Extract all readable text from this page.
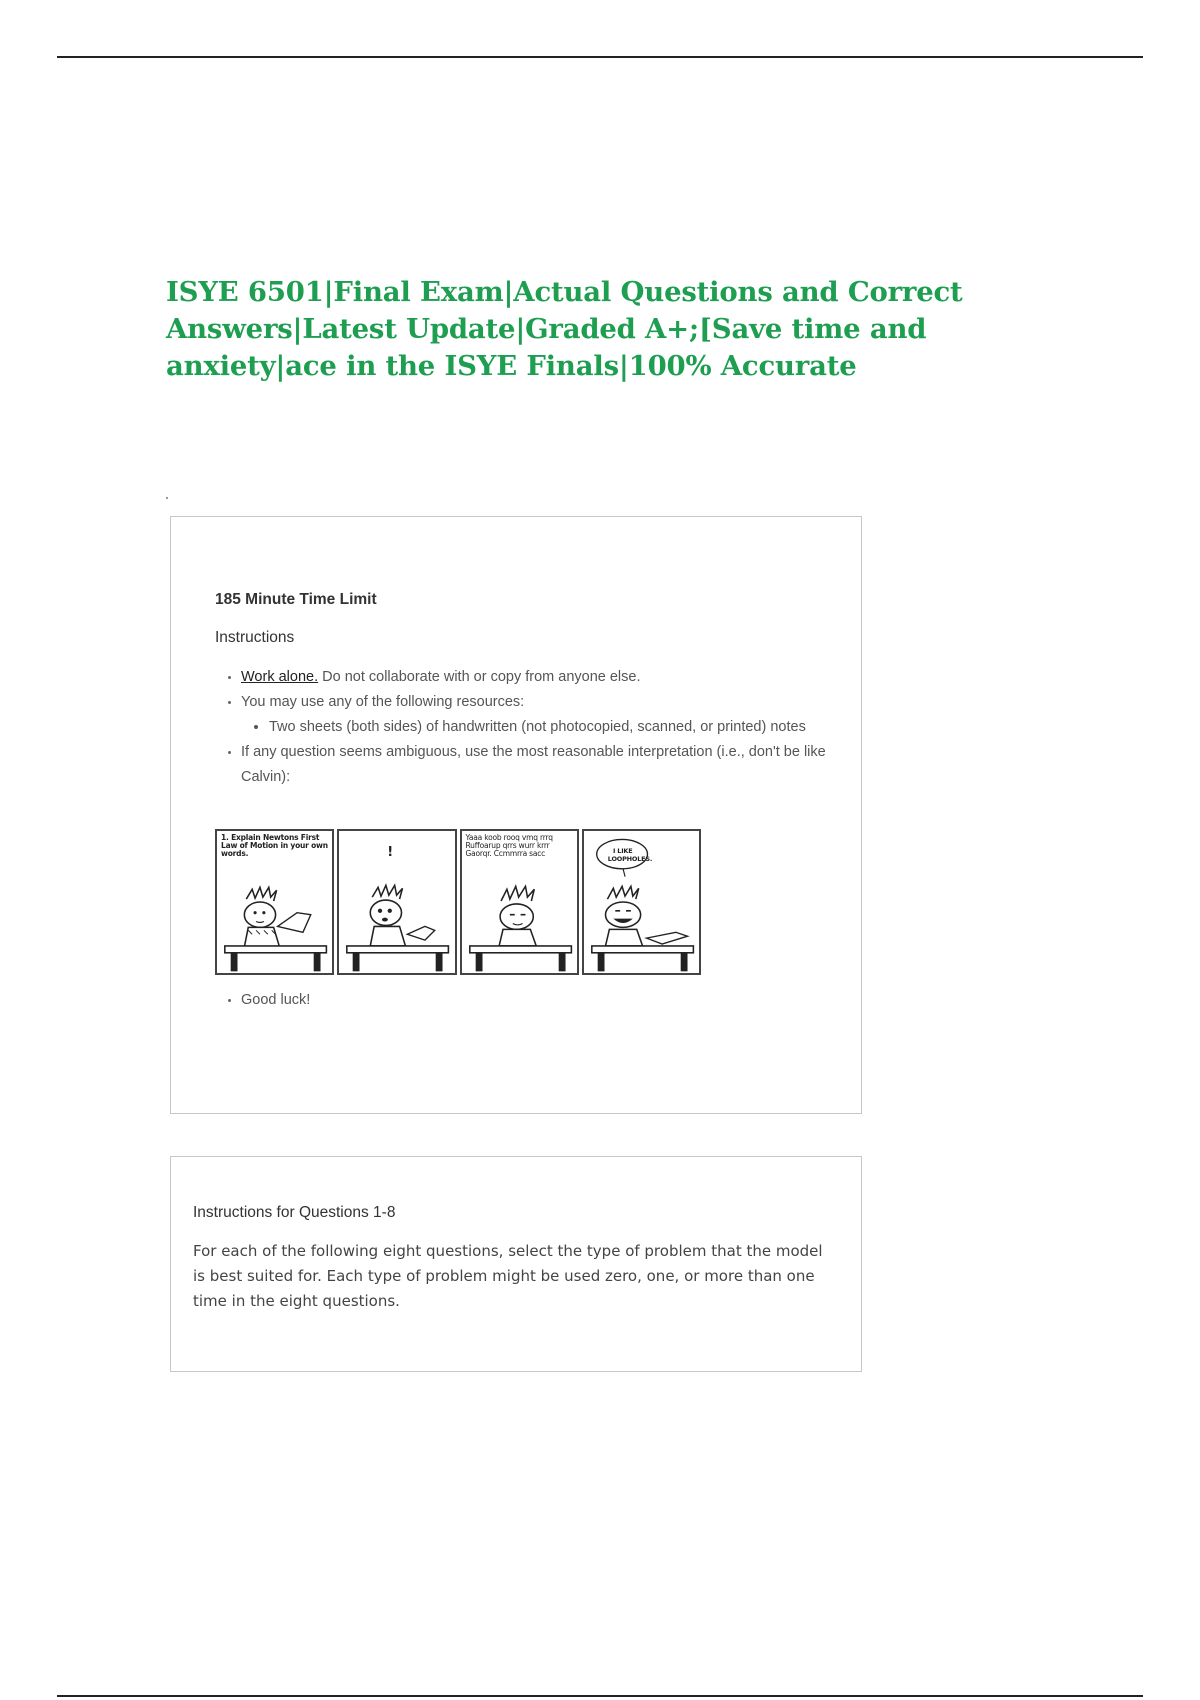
ISYE 6501|Final Exam|Actual Questions and Correct Answers|Latest Update|Graded A+;[Save time and anxiety|ace in the ISYE Finals|100% Accurate
185 Minute Time Limit
Instructions
• Work alone. Do not collaborate with or copy from anyone else.
• You may use any of the following resources:
• Two sheets (both sides) of handwritten (not photocopied, scanned, or printed) notes
• If any question seems ambiguous, use the most reasonable interpretation (i.e., don't be like Calvin):
1. Explain Newtons First Law of Motion in your own words.	!
Yaaa koob rooq vmq rrrq Ruffoarup qrrs wurr krrr Gaorqr. Ccmmrra sacc	I LIKE LOOPHOLES.
• Good luck!
Instructions for Questions 1-8

For each of the following eight questions, select the type of problem that the model is best suited for. Each type of problem might be used zero, one, or more than one time in the eight questions.
